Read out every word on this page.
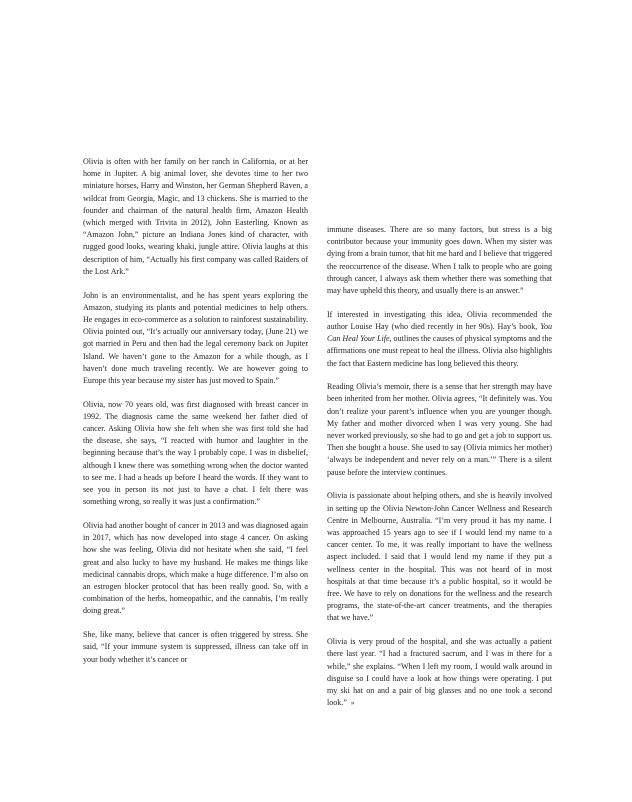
Olivia is often with her family on her ranch in California, or at her home in Jupiter. A big animal lover, she devotes time to her two miniature horses, Harry and Winston, her German Shepherd Raven, a wildcat from Georgia, Magic, and 13 chickens. She is married to the founder and chairman of the natural health firm, Amazon Health (which merged with Trivita in 2012), John Easterling. Known as “Amazon John,” picture an Indiana Jones kind of character, with rugged good looks, wearing khaki, jungle attire. Olivia laughs at this description of him, “Actually his first company was called Raiders of the Lost Ark.”

John is an environmentalist, and he has spent years exploring the Amazon, studying its plants and potential medicines to help others. He engages in eco-commerce as a solution to rainforest sustainability. Olivia pointed out, “It’s actually our anniversary today, (June 21) we got married in Peru and then had the legal ceremony back on Jupiter Island. We haven’t gone to the Amazon for a while though, as I haven’t done much traveling recently. We are however going to Europe this year because my sister has just moved to Spain.”

Olivia, now 70 years old, was first diagnosed with breast cancer in 1992. The diagnosis came the same weekend her father died of cancer. Asking Olivia how she felt when she was first told she had the disease, she says, “I reacted with humor and laughter in the beginning because that’s the way I probably cope. I was in disbelief, although I knew there was something wrong when the doctor wanted to see me. I had a heads up before I heard the words. If they want to see you in person its not just to have a chat. I felt there was something wrong, so really it was just a confirmation.”

Olivia had another bought of cancer in 2013 and was diagnosed again in 2017, which has now developed into stage 4 cancer. On asking how she was feeling, Olivia did not hesitate when she said, “I feel great and also lucky to have my husband. He makes me things like medicinal cannabis drops, which make a huge difference. I’m also on an estrogen blocker protocol that has been really good. So, with a combination of the herbs, homeopathic, and the cannabis, I’m really doing great.”

She, like many, believe that cancer is often triggered by stress. She said, “If your immune system is suppressed, illness can take off in your body whether it’s cancer or

immune diseases. There are so many factors, but stress is a big contributor because your immunity goes down. When my sister was dying from a brain tumor, that hit me hard and I believe that triggered the reoccurrence of the disease. When I talk to people who are going through cancer, I always ask them whether there was something that may have upheld this theory, and usually there is an answer.”

If interested in investigating this idea, Olivia recommended the author Louise Hay (who died recently in her 90s). Hay’s book, You Can Heal Your Life, outlines the causes of physical symptoms and the affirmations one must repeat to heal the illness. Olivia also highlights the fact that Eastern medicine has long believed this theory.

Reading Olivia’s memoir, there is a sense that her strength may have been inherited from her mother. Olivia agrees, “It definitely was. You don’t realize your parent’s influence when you are younger though. My father and mother divorced when I was very young. She had never worked previously, so she had to go and get a job to support us. Then she bought a house. She used to say (Olivia mimics her mother) ‘always be independent and never rely on a man.’” There is a silent pause before the interview continues.

Olivia is passionate about helping others, and she is heavily involved in setting up the Olivia Newton-John Cancer Wellness and Research Centre in Melbourne, Australia. “I’m very proud it has my name. I was approached 15 years ago to see if I would lend my name to a cancer center. To me, it was really important to have the wellness aspect included. I said that I would lend my name if they put a wellness center in the hospital. This was not heard of in most hospitals at that time because it’s a public hospital, so it would be free. We have to rely on donations for the wellness and the research programs, the state-of-the-art cancer treatments, and the therapies that we have.”

Olivia is very proud of the hospital, and she was actually a patient there last year. “I had a fractured sacrum, and I was in there for a while,” she explains. “When I left my room, I would walk around in disguise so I could have a look at how things were operating. I put my ski hat on and a pair of big glasses and no one took a second look.” »
